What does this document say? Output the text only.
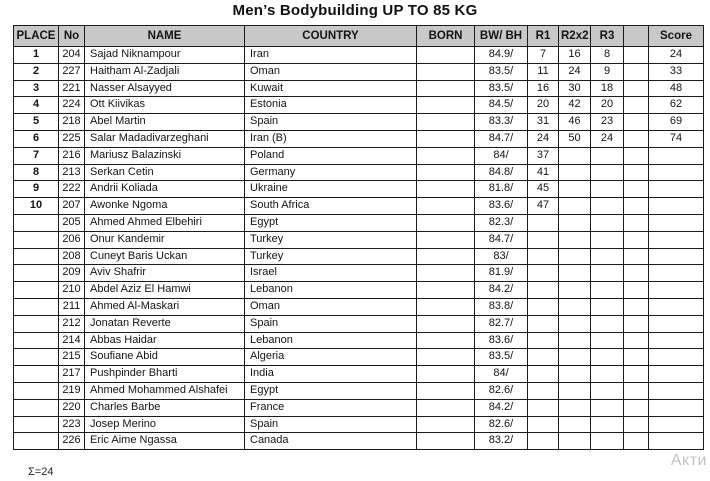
Men’s Bodybuilding UP TO 85 KG
PLACE	No	NAME	COUNTRY	BORN	BW/ BH	R1	R2x2	R3		Score
1	204	Sajad Niknampour	Iran		84.9/	7	16	8		24
2	227	Haitham Al-Zadjali	Oman		83.5/	11	24	9		33
3	221	Nasser Alsayyed	Kuwait		83.5/	16	30	18		48
4	224	Ott Kiivikas	Estonia		84.5/	20	42	20		62
5	218	Abel Martin	Spain		83.3/	31	46	23		69
6	225	Salar Madadivarzeghani	Iran (B)		84.7/	24	50	24		74
7	216	Mariusz Balazinski	Poland		84/	37				
8	213	Serkan Cetin	Germany		84.8/	41				
9	222	Andrii Koliada	Ukraine		81.8/	45				
10	207	Awonke Ngoma	South Africa		83.6/	47				
	205	Ahmed Ahmed Elbehiri	Egypt		82.3/					
	206	Onur Kandemir	Turkey		84.7/					
	208	Cuneyt Baris Uckan	Turkey		83/					
	209	Aviv Shafrir	Israel		81.9/					
	210	Abdel Aziz El Hamwi	Lebanon		84.2/					
	211	Ahmed Al-Maskari	Oman		83.8/					
	212	Jonatan Reverte	Spain		82.7/					
	214	Abbas Haidar	Lebanon		83.6/					
	215	Soufiane Abid	Algeria		83.5/					
	217	Pushpinder Bharti	India		84/					
	219	Ahmed Mohammed Alshafei	Egypt		82.6/					
	220	Charles Barbe	France		84.2/					
	223	Josep Merino	Spain		82.6/					
	226	Eric Aime Ngassa	Canada		83.2/					
Σ=24
Акти
